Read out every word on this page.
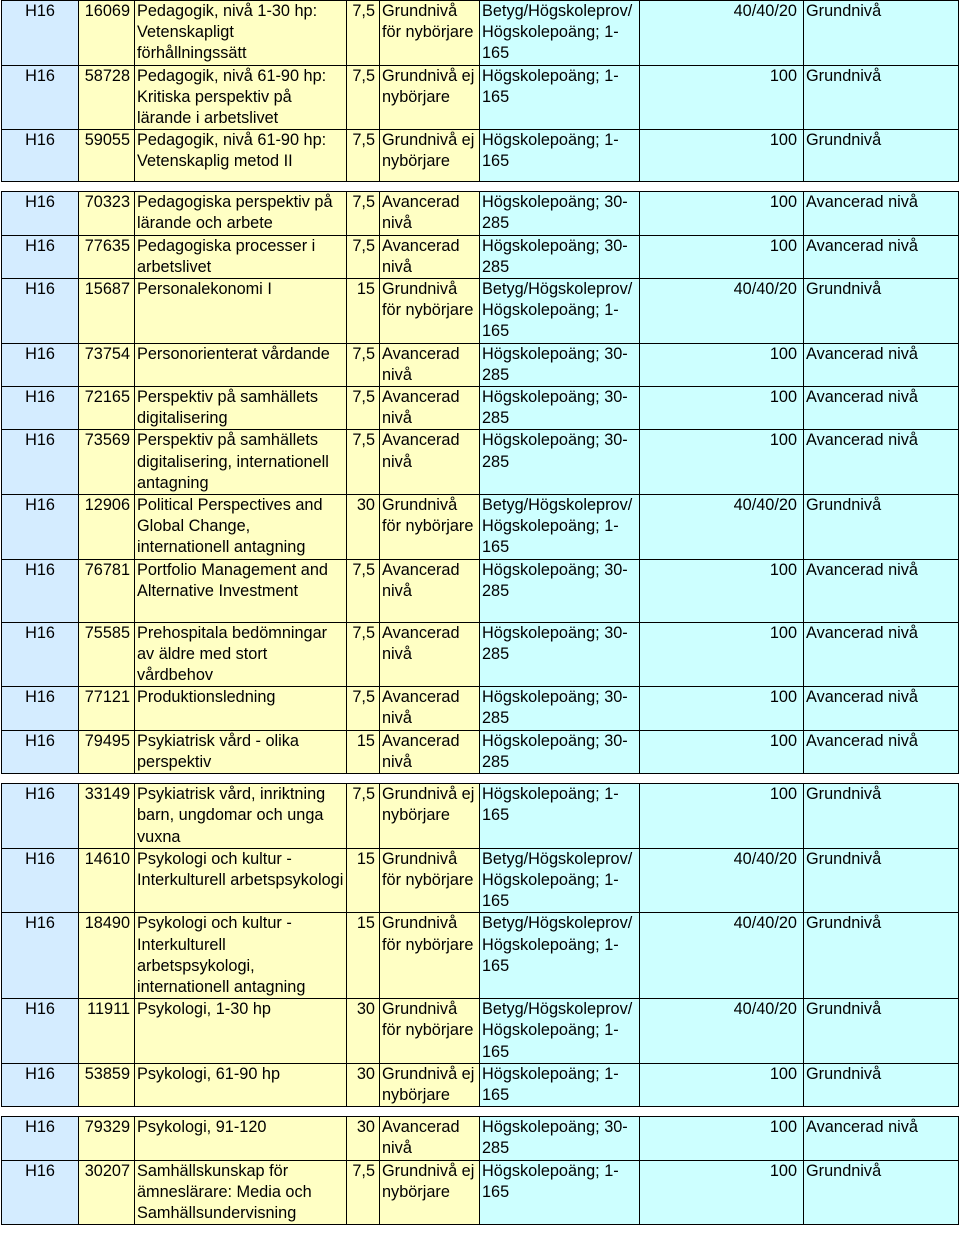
H16	16069	Pedagogik, nivå 1-30 hp: Vetenskapligt förhållningssätt	7,5	Grundnivå för nybörjare	Betyg/Högskoleprov/ Högskolepoäng; 1-165	40/40/20	Grundnivå
H16	58728	Pedagogik, nivå 61-90 hp: Kritiska perspektiv på lärande i arbetslivet	7,5	Grundnivå ej nybörjare	Högskolepoäng; 1-165	100	Grundnivå
H16	59055	Pedagogik, nivå 61-90 hp: Vetenskaplig metod II	7,5	Grundnivå ej nybörjare	Högskolepoäng; 1-165	100	Grundnivå

H16	70323	Pedagogiska perspektiv på lärande och arbete	7,5	Avancerad nivå	Högskolepoäng; 30-285	100	Avancerad nivå
H16	77635	Pedagogiska processer i arbetslivet	7,5	Avancerad nivå	Högskolepoäng; 30-285	100	Avancerad nivå
H16	15687	Personalekonomi I	15	Grundnivå för nybörjare	Betyg/Högskoleprov/ Högskolepoäng; 1-165	40/40/20	Grundnivå
H16	73754	Personorienterat vårdande	7,5	Avancerad nivå	Högskolepoäng; 30-285	100	Avancerad nivå
H16	72165	Perspektiv på samhällets digitalisering	7,5	Avancerad nivå	Högskolepoäng; 30-285	100	Avancerad nivå
H16	73569	Perspektiv på samhällets digitalisering, internationell antagning	7,5	Avancerad nivå	Högskolepoäng; 30-285	100	Avancerad nivå
H16	12906	Political Perspectives and Global Change, internationell antagning	30	Grundnivå för nybörjare	Betyg/Högskoleprov/ Högskolepoäng; 1-165	40/40/20	Grundnivå
H16	76781	Portfolio Management and Alternative Investment	7,5	Avancerad nivå	Högskolepoäng; 30-285	100	Avancerad nivå
H16	75585	Prehospitala bedömningar av äldre med stort vårdbehov	7,5	Avancerad nivå	Högskolepoäng; 30-285	100	Avancerad nivå
H16	77121	Produktionsledning	7,5	Avancerad nivå	Högskolepoäng; 30-285	100	Avancerad nivå
H16	79495	Psykiatrisk vård - olika perspektiv	15	Avancerad nivå	Högskolepoäng; 30-285	100	Avancerad nivå

H16	33149	Psykiatrisk vård, inriktning barn, ungdomar och unga vuxna	7,5	Grundnivå ej nybörjare	Högskolepoäng; 1-165	100	Grundnivå
H16	14610	Psykologi och kultur - Interkulturell arbetspsykologi	15	Grundnivå för nybörjare	Betyg/Högskoleprov/ Högskolepoäng; 1-165	40/40/20	Grundnivå
H16	18490	Psykologi och kultur - Interkulturell arbetspsykologi, internationell antagning	15	Grundnivå för nybörjare	Betyg/Högskoleprov/ Högskolepoäng; 1-165	40/40/20	Grundnivå
H16	11911	Psykologi, 1-30 hp	30	Grundnivå för nybörjare	Betyg/Högskoleprov/ Högskolepoäng; 1-165	40/40/20	Grundnivå
H16	53859	Psykologi, 61-90 hp	30	Grundnivå ej nybörjare	Högskolepoäng; 1-165	100	Grundnivå

H16	79329	Psykologi, 91-120	30	Avancerad nivå	Högskolepoäng; 30-285	100	Avancerad nivå
H16	30207	Samhällskunskap för ämneslärare: Media och Samhällsundervisning	7,5	Grundnivå ej nybörjare	Högskolepoäng; 1-165	100	Grundnivå
